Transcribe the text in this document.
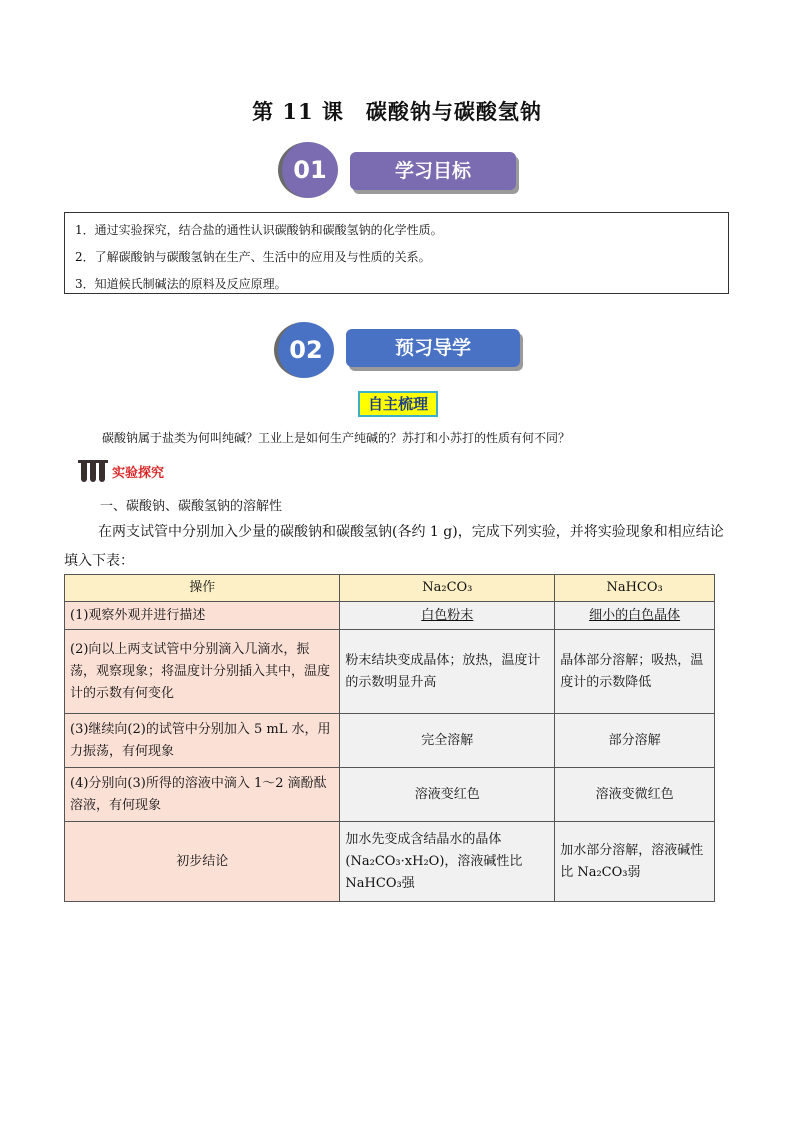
第 11 课　碳酸钠与碳酸氢钠
01	学习目标
1．通过实验探究，结合盐的通性认识碳酸钠和碳酸氢钠的化学性质。
2．了解碳酸钠与碳酸氢钠在生产、生活中的应用及与性质的关系。
3．知道候氏制碱法的原料及反应原理。
02	预习导学
自主梳理
碳酸钠属于盐类为何叫纯碱？工业上是如何生产纯碱的？苏打和小苏打的性质有何不同？
实验探究
一、碳酸钠、碳酸氢钠的溶解性
在两支试管中分别加入少量的碳酸钠和碳酸氢钠(各约 1 g)，完成下列实验，并将实验现象和相应结论填入下表：
操作	Na₂CO₃	NaHCO₃
(1)观察外观并进行描述	白色粉末	细小的白色晶体
(2)向以上两支试管中分别滴入几滴水，振荡，观察现象；将温度计分别插入其中，温度计的示数有何变化	粉末结块变成晶体；放热，温度计的示数明显升高	晶体部分溶解；吸热，温度计的示数降低
(3)继续向(2)的试管中分别加入 5 mL 水，用力振荡，有何现象	完全溶解	部分溶解
(4)分别向(3)所得的溶液中滴入 1～2 滴酚酞溶液，有何现象	溶液变红色	溶液变微红色
初步结论	加水先变成含结晶水的晶体(Na₂CO₃·xH₂O)，溶液碱性比 NaHCO₃强	加水部分溶解，溶液碱性比 Na₂CO₃弱
